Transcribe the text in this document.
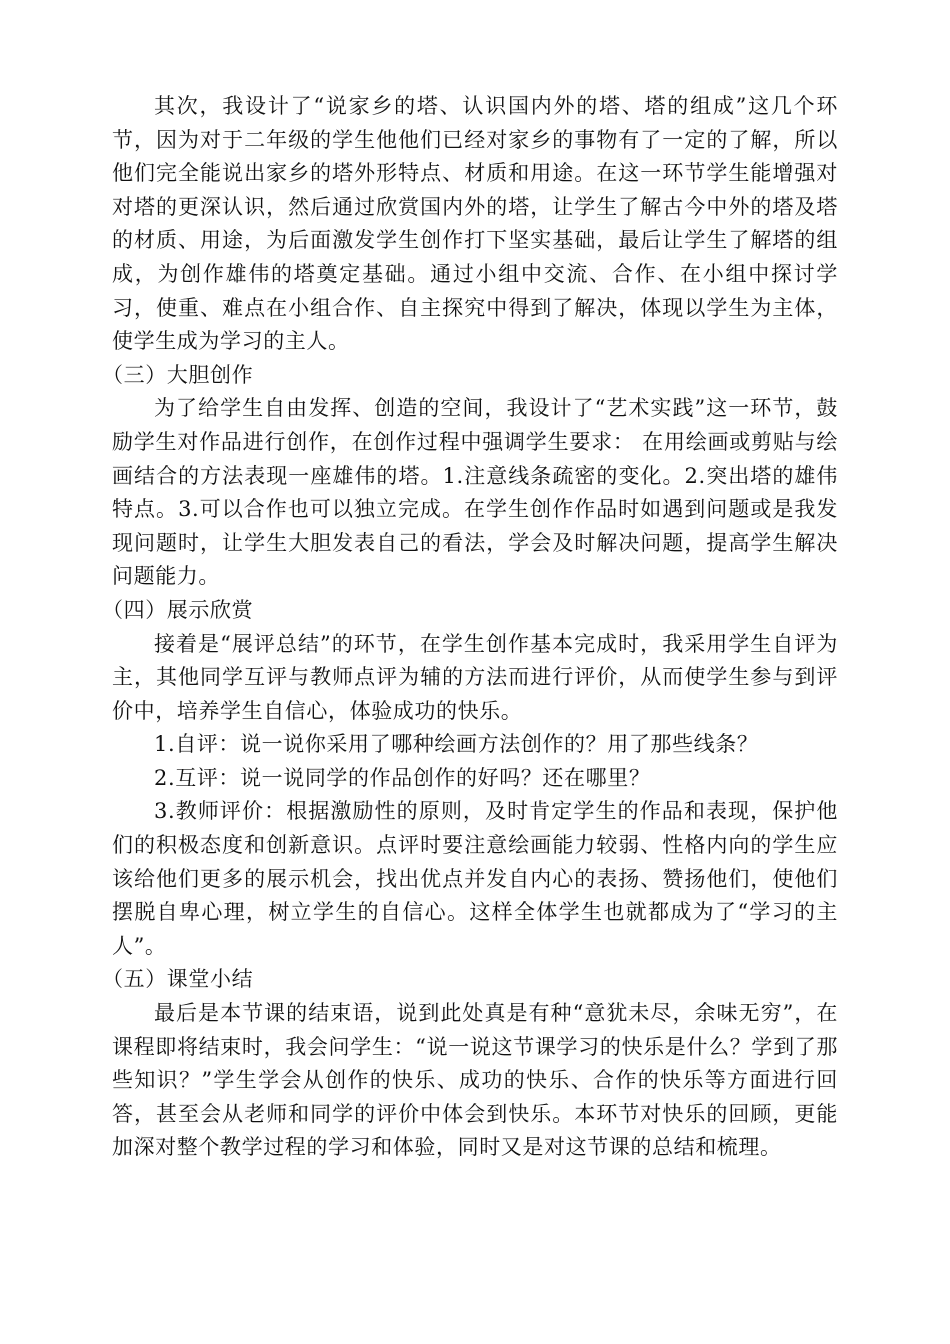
其次，我设计了“说家乡的塔、认识国内外的塔、塔的组成”这几个环节，因为对于二年级的学生他他们已经对家乡的事物有了一定的了解，所以他们完全能说出家乡的塔外形特点、材质和用途。在这一环节学生能增强对对塔的更深认识，然后通过欣赏国内外的塔，让学生了解古今中外的塔及塔的材质、用途，为后面激发学生创作打下坚实基础，最后让学生了解塔的组成，为创作雄伟的塔奠定基础。通过小组中交流、合作、在小组中探讨学习，使重、难点在小组合作、自主探究中得到了解决，体现以学生为主体，使学生成为学习的主人。

（三）大胆创作

为了给学生自由发挥、创造的空间，我设计了“艺术实践”这一环节，鼓励学生对作品进行创作，在创作过程中强调学生要求： 在用绘画或剪贴与绘画结合的方法表现一座雄伟的塔。1.注意线条疏密的变化。2.突出塔的雄伟特点。3.可以合作也可以独立完成。在学生创作作品时如遇到问题或是我发现问题时，让学生大胆发表自己的看法，学会及时解决问题，提高学生解决问题能力。

（四）展示欣赏

接着是“展评总结”的环节，在学生创作基本完成时，我采用学生自评为主，其他同学互评与教师点评为辅的方法而进行评价，从而使学生参与到评价中，培养学生自信心，体验成功的快乐。

1.自评：说一说你采用了哪种绘画方法创作的？用了那些线条？

2.互评：说一说同学的作品创作的好吗？还在哪里？

3.教师评价：根据激励性的原则，及时肯定学生的作品和表现，保护他们的积极态度和创新意识。点评时要注意绘画能力较弱、性格内向的学生应该给他们更多的展示机会，找出优点并发自内心的表扬、赞扬他们，使他们摆脱自卑心理，树立学生的自信心。这样全体学生也就都成为了“学习的主人”。

（五）课堂小结

最后是本节课的结束语，说到此处真是有种“意犹未尽，余味无穷”，在课程即将结束时，我会问学生：“说一说这节课学习的快乐是什么？学到了那些知识？”学生学会从创作的快乐、成功的快乐、合作的快乐等方面进行回答，甚至会从老师和同学的评价中体会到快乐。本环节对快乐的回顾，更能加深对整个教学过程的学习和体验，同时又是对这节课的总结和梳理。
